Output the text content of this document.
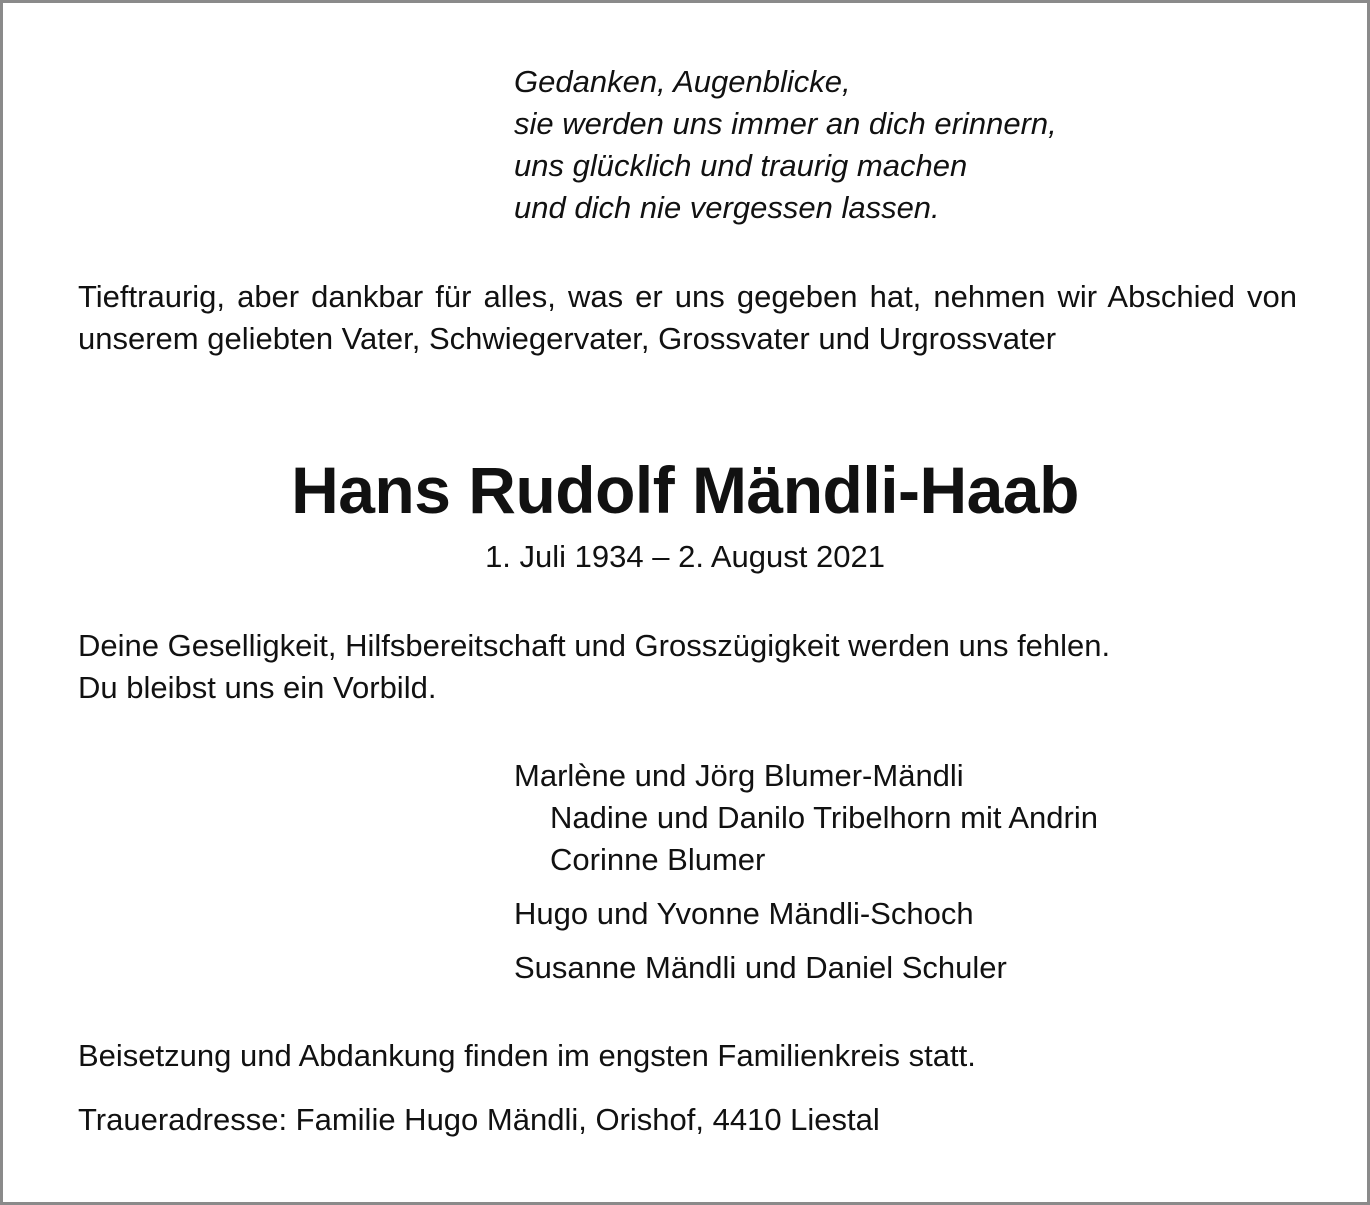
Gedanken, Augenblicke,
sie werden uns immer an dich erinnern,
uns glücklich und traurig machen
und dich nie vergessen lassen.
Tieftraurig, aber dankbar für alles, was er uns gegeben hat, nehmen wir Abschied von unserem geliebten Vater, Schwiegervater, Grossvater und Urgrossvater
Hans Rudolf Mändli-Haab
1. Juli 1934 – 2. August 2021
Deine Geselligkeit, Hilfsbereitschaft und Grosszügigkeit werden uns fehlen.
Du bleibst uns ein Vorbild.
Marlène und Jörg Blumer-Mändli
Nadine und Danilo Tribelhorn mit Andrin
Corinne Blumer
Hugo und Yvonne Mändli-Schoch
Susanne Mändli und Daniel Schuler
Beisetzung und Abdankung finden im engsten Familienkreis statt.
Traueradresse: Familie Hugo Mändli, Orishof, 4410 Liestal
